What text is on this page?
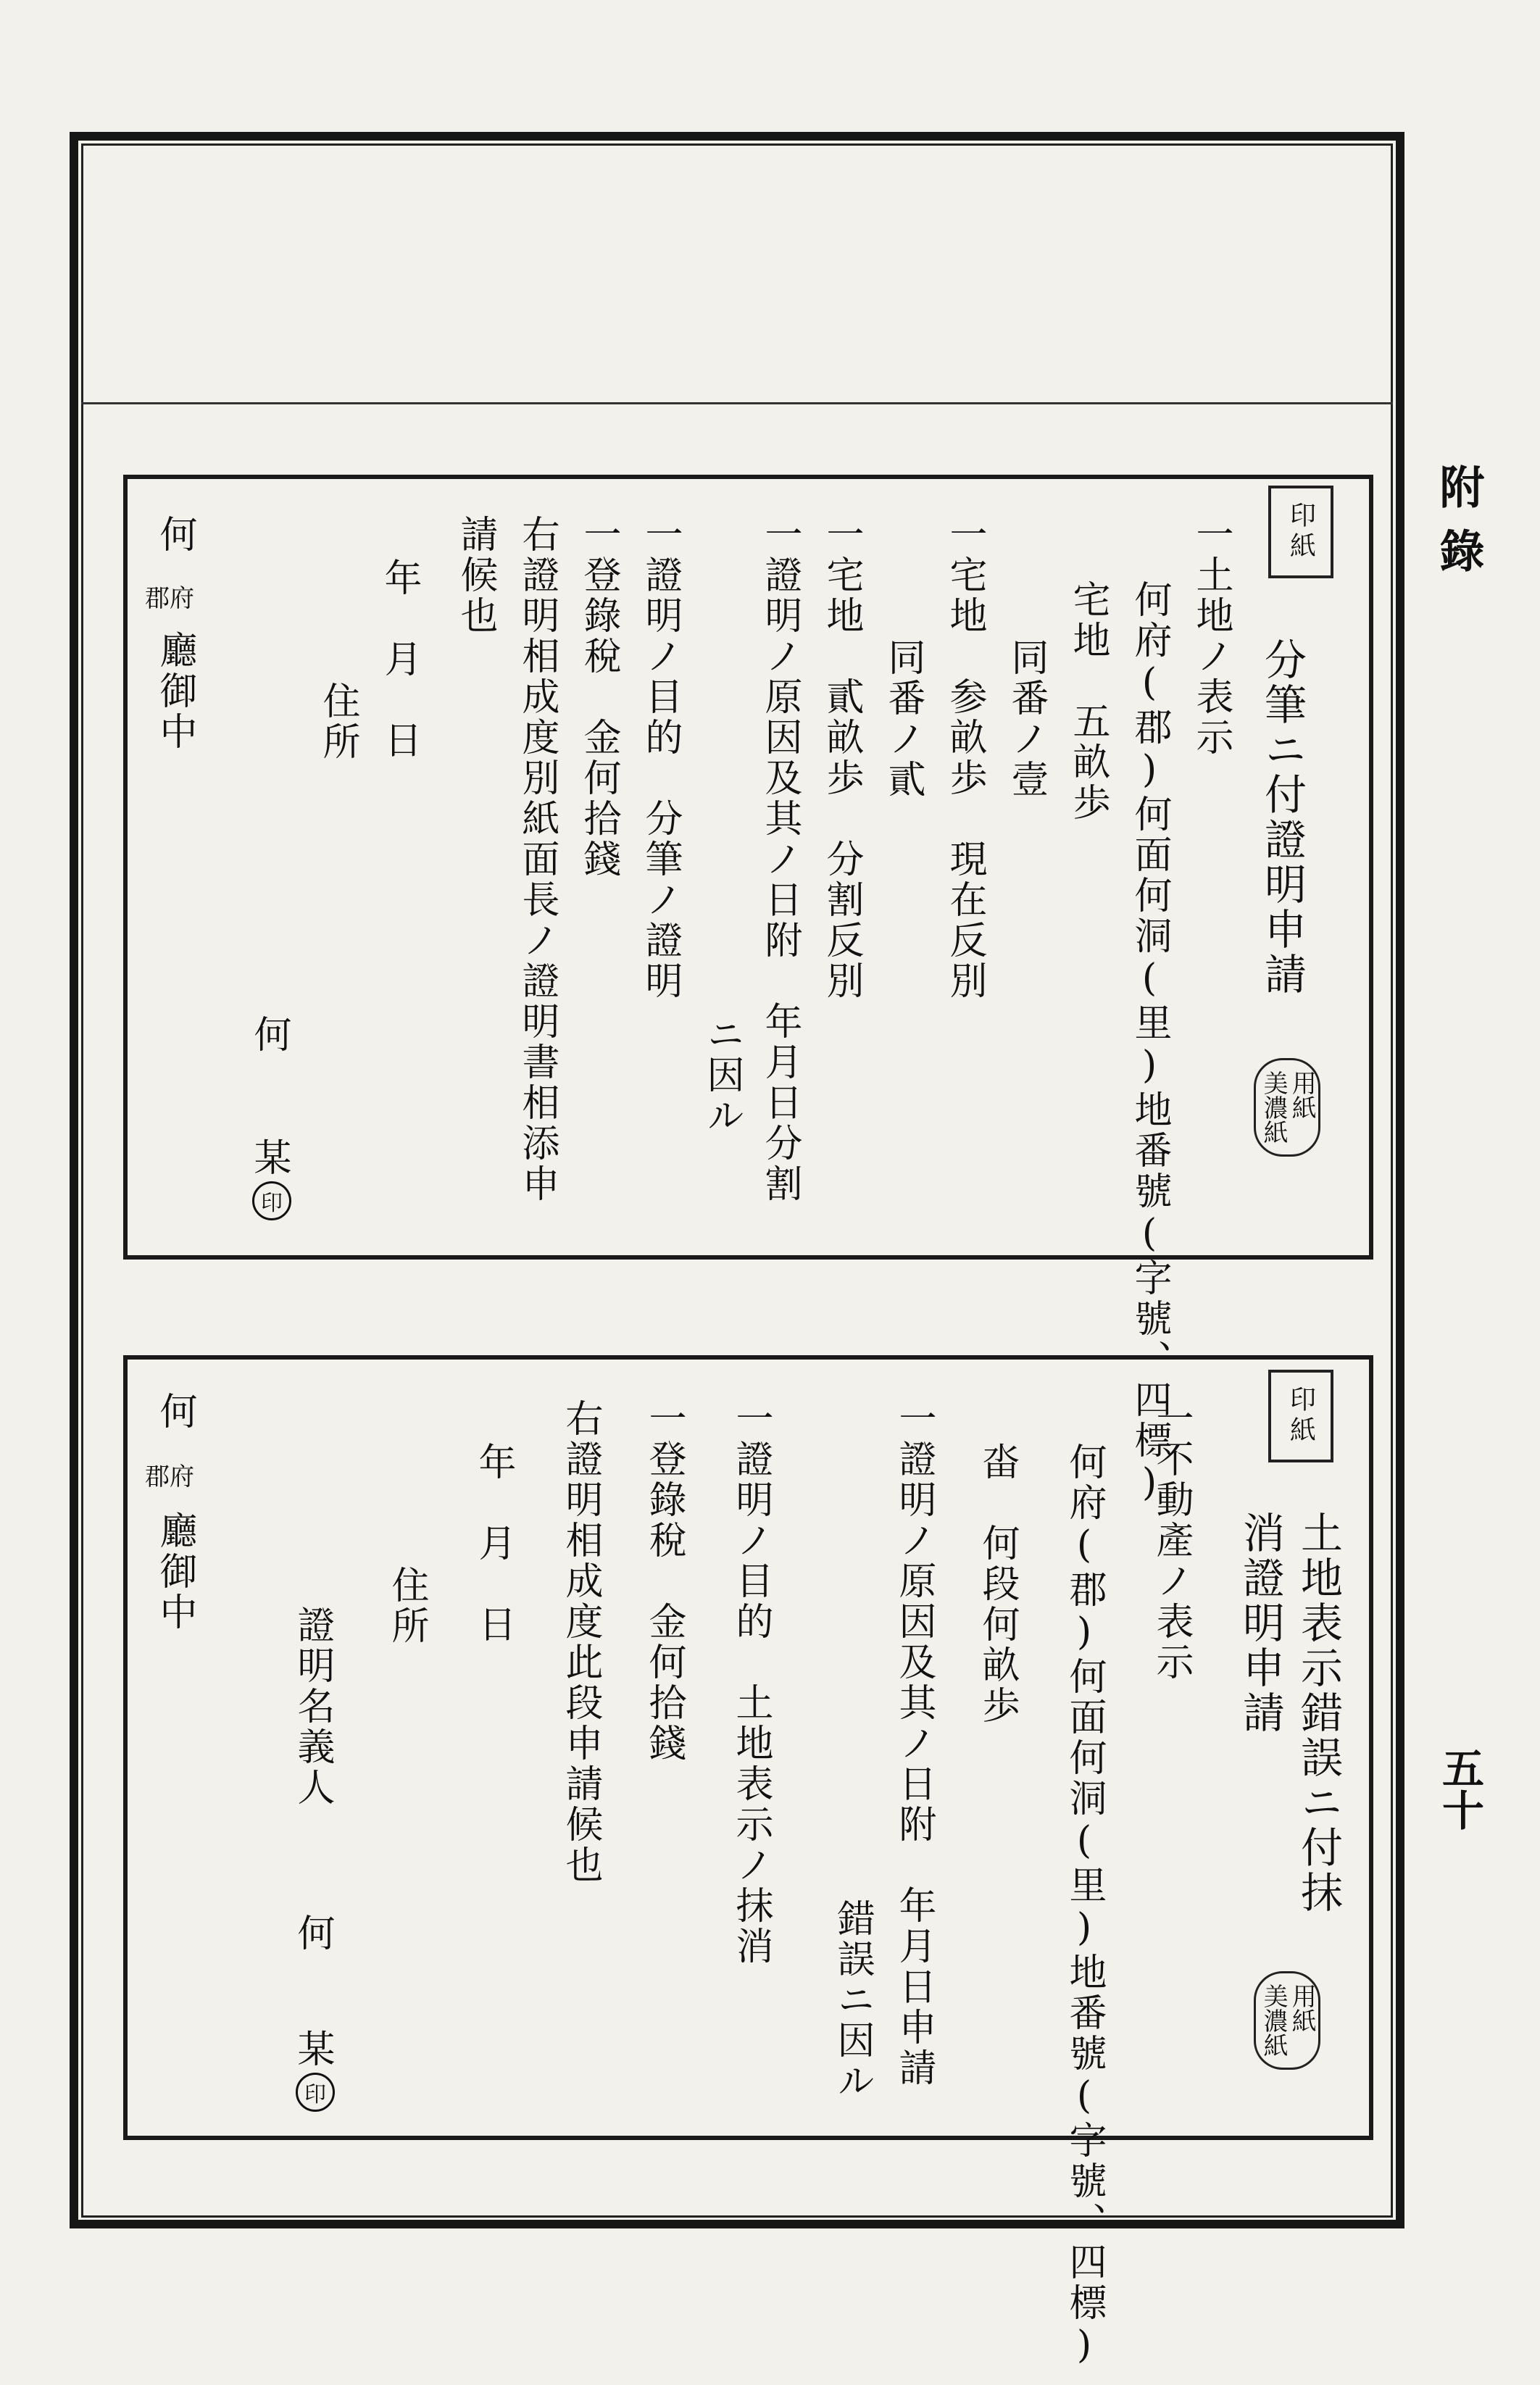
附錄
五十
印紙
分筆ニ付證明申請
用紙
美濃紙
一土地ノ表示
何府(郡)何面何洞(里)地番號(字號、四標)
宅地　五畝歩
同番ノ壹
一宅地　参畝歩　現在反別
同番ノ貳
一宅地　貳畝歩　分割反別
一證明ノ原因及其ノ日附　年月日分割
ニ因ル
一證明ノ目的　分筆ノ證明
一登錄稅　金何拾錢
右證明相成度別紙面長ノ證明書相添申
請候也
年　月　日
住所
何
某
印
何
郡府
廳御中
印紙
土地表示錯誤ニ付抹
消證明申請
用紙
美濃紙
一不動產ノ表示
何府(郡)何面何洞(里)地番號(字號、四標)
畓　何段何畝歩
一證明ノ原因及其ノ日附　年月日申請
錯誤ニ因ル
一證明ノ目的　土地表示ノ抹消
一登錄稅　金何拾錢
右證明相成度此段申請候也
年　月　日
住所
證明名義人
何
某
印
何
郡府
廳御中
